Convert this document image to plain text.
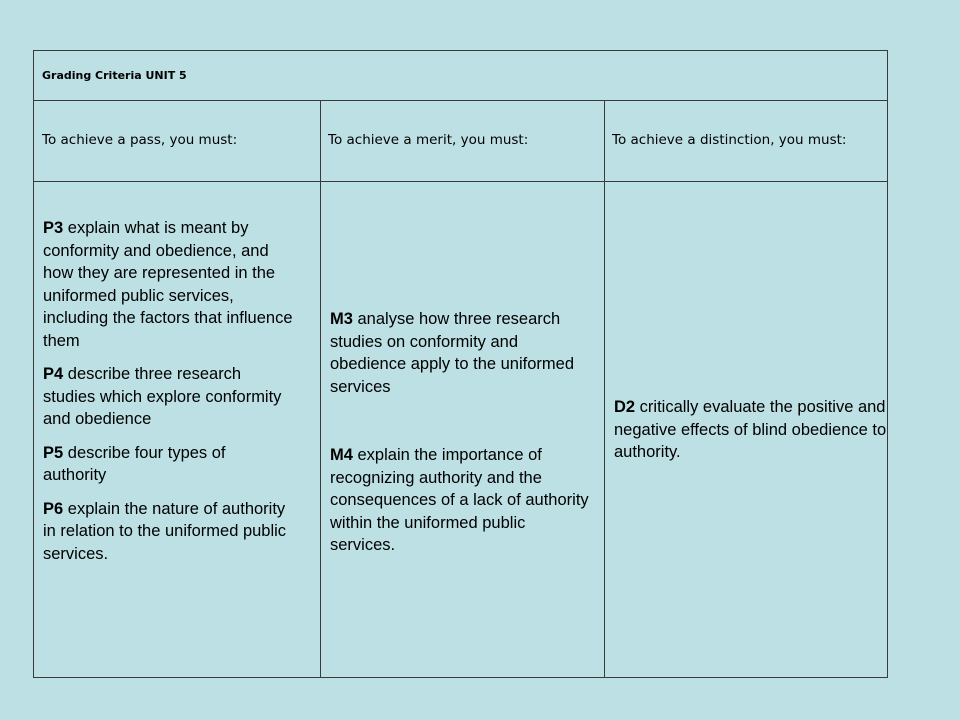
Grading Criteria UNIT 5
To achieve a pass, you must:	To achieve a merit, you must:	To achieve a distinction, you must:

P3 explain what is meant by conformity and obedience, and how they are represented in the uniformed public services, including the factors that influence them

P4 describe three research studies which explore conformity and obedience

P5 describe four types of authority

P6 explain the nature of authority in relation to the uniformed public services.

M3 analyse how three research studies on conformity and obedience apply to the uniformed services

M4 explain the importance of recognizing authority and the consequences of a lack of authority within the uniformed public services.

D2 critically evaluate the positive and negative effects of blind obedience to authority.
